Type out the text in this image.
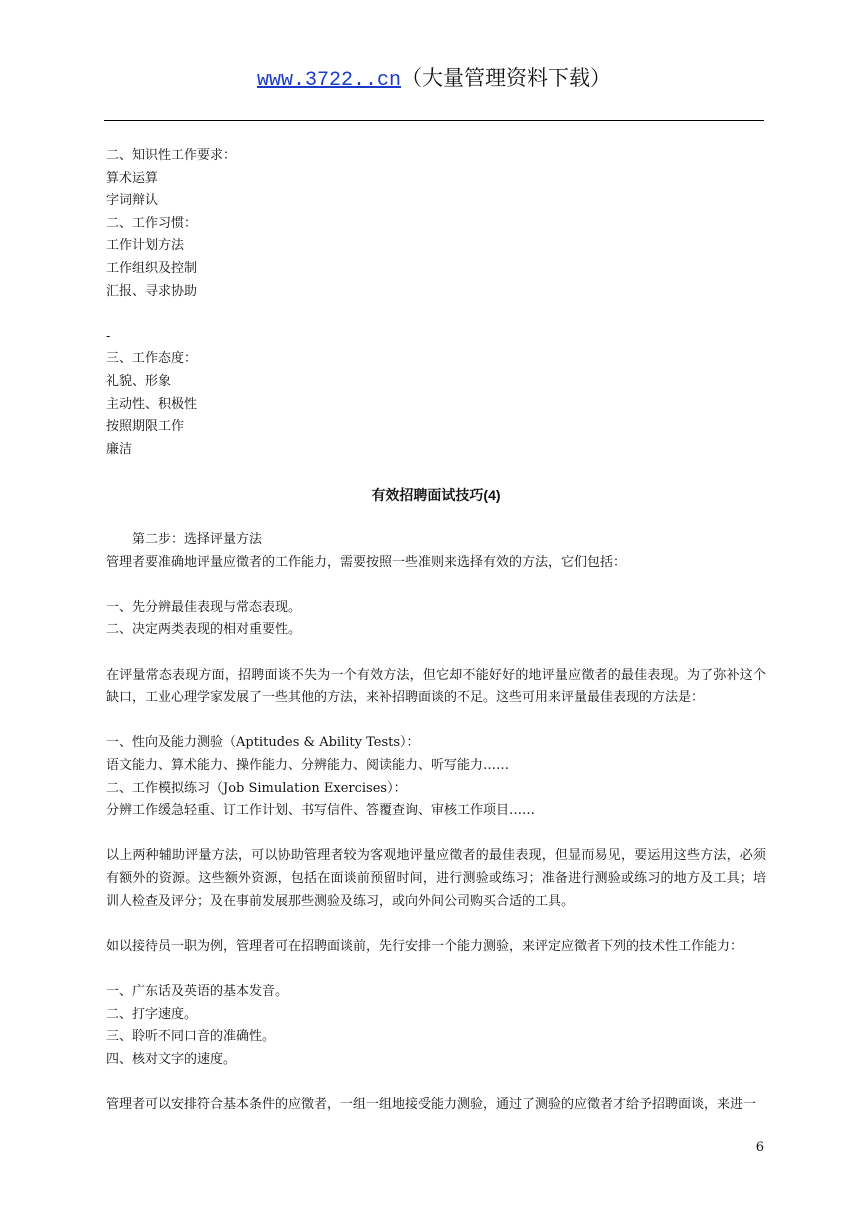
www.3722..cn（大量管理资料下载）
二、知识性工作要求：
算术运算
字词辩认
二、工作习惯：
工作计划方法
工作组织及控制
汇报、寻求协助
-
三、工作态度：
礼貌、形象
主动性、积极性
按照期限工作
廉洁
有效招聘面试技巧(4)
第二步：选择评量方法
管理者要准确地评量应徵者的工作能力，需要按照一些准则来选择有效的方法，它们包括：
一、先分辨最佳表现与常态表现。
二、决定两类表现的相对重要性。
在评量常态表现方面，招聘面谈不失为一个有效方法，但它却不能好好的地评量应徵者的最佳表现。为了弥补这个缺口，工业心理学家发展了一些其他的方法，来补招聘面谈的不足。这些可用来评量最佳表现的方法是：
一、性向及能力测验（Aptitudes & Ability Tests）：
语文能力、算术能力、操作能力、分辨能力、阅读能力、听写能力……
二、工作模拟练习（Job Simulation Exercises）：
分辨工作缓急轻重、订工作计划、书写信件、答覆查询、审核工作项目……
以上两种辅助评量方法，可以协助管理者较为客观地评量应徵者的最佳表现，但显而易见，要运用这些方法，必须有额外的资源。这些额外资源，包括在面谈前预留时间，进行测验或练习；准备进行测验或练习的地方及工具；培训人检查及评分；及在事前发展那些测验及练习，或向外间公司购买合适的工具。
如以接待员一职为例，管理者可在招聘面谈前，先行安排一个能力测验，来评定应徵者下列的技术性工作能力：
一、广东话及英语的基本发音。
二、打字速度。
三、聆听不同口音的准确性。
四、核对文字的速度。
管理者可以安排符合基本条件的应徵者，一组一组地接受能力测验，通过了测验的应徵者才给予招聘面谈，来进一
6
